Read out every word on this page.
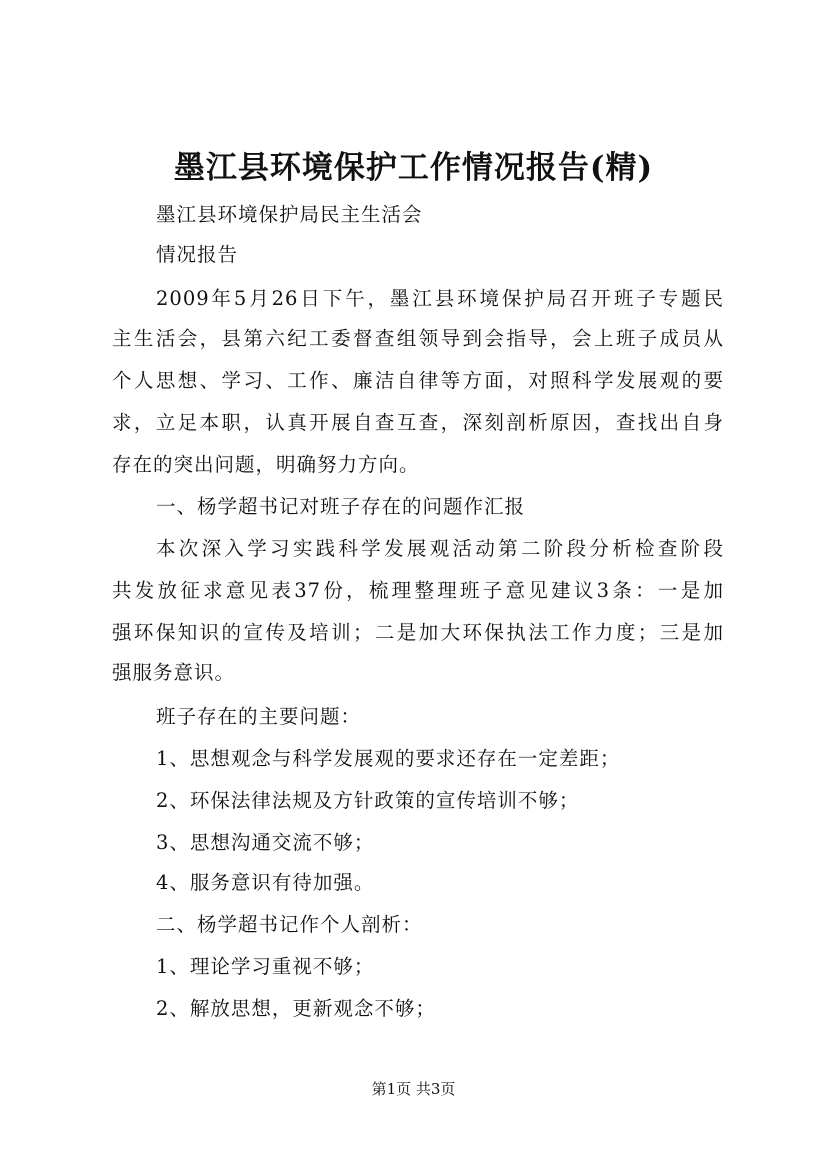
墨江县环境保护工作情况报告(精)
墨江县环境保护局民主生活会
情况报告
2009年5月26日下午，墨江县环境保护局召开班子专题民
主生活会，县第六纪工委督查组领导到会指导，会上班子成员从
个人思想、学习、工作、廉洁自律等方面，对照科学发展观的要
求，立足本职，认真开展自查互查，深刻剖析原因，查找出自身
存在的突出问题，明确努力方向。
一、杨学超书记对班子存在的问题作汇报
本次深入学习实践科学发展观活动第二阶段分析检查阶段
共发放征求意见表37份，梳理整理班子意见建议3条：一是加
强环保知识的宣传及培训；二是加大环保执法工作力度；三是加
强服务意识。
班子存在的主要问题：
1、思想观念与科学发展观的要求还存在一定差距；
2、环保法律法规及方针政策的宣传培训不够；
3、思想沟通交流不够；
4、服务意识有待加强。
二、杨学超书记作个人剖析：
1、理论学习重视不够；
2、解放思想，更新观念不够；
第1页 共3页
